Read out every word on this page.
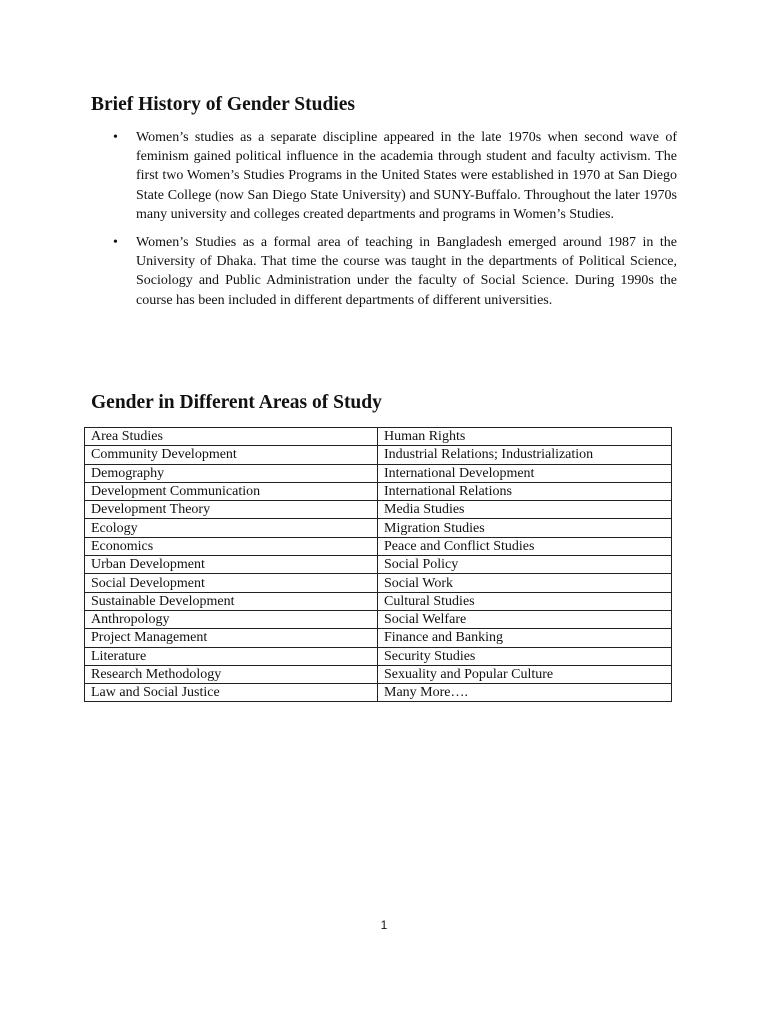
Brief History of Gender Studies
• Women’s studies as a separate discipline appeared in the late 1970s when second wave of feminism gained political influence in the academia through student and faculty activism. The first two Women’s Studies Programs in the United States were established in 1970 at San Diego State College (now San Diego State University) and SUNY-Buffalo. Throughout the later 1970s many university and colleges created departments and programs in Women’s Studies.
• Women’s Studies as a formal area of teaching in Bangladesh emerged around 1987 in the University of Dhaka. That time the course was taught in the departments of Political Science, Sociology and Public Administration under the faculty of Social Science. During 1990s the course has been included in different departments of different universities.
Gender in Different Areas of Study
Area Studies	Human Rights
Community Development	Industrial Relations; Industrialization
Demography	International Development
Development Communication	International Relations
Development Theory	Media Studies
Ecology	Migration Studies
Economics	Peace and Conflict Studies
Urban Development	Social Policy
Social Development	Social Work
Sustainable Development	Cultural Studies
Anthropology	Social Welfare
Project Management	Finance and Banking
Literature	Security Studies
Research Methodology	Sexuality and Popular Culture
Law and Social Justice	Many More….
1
